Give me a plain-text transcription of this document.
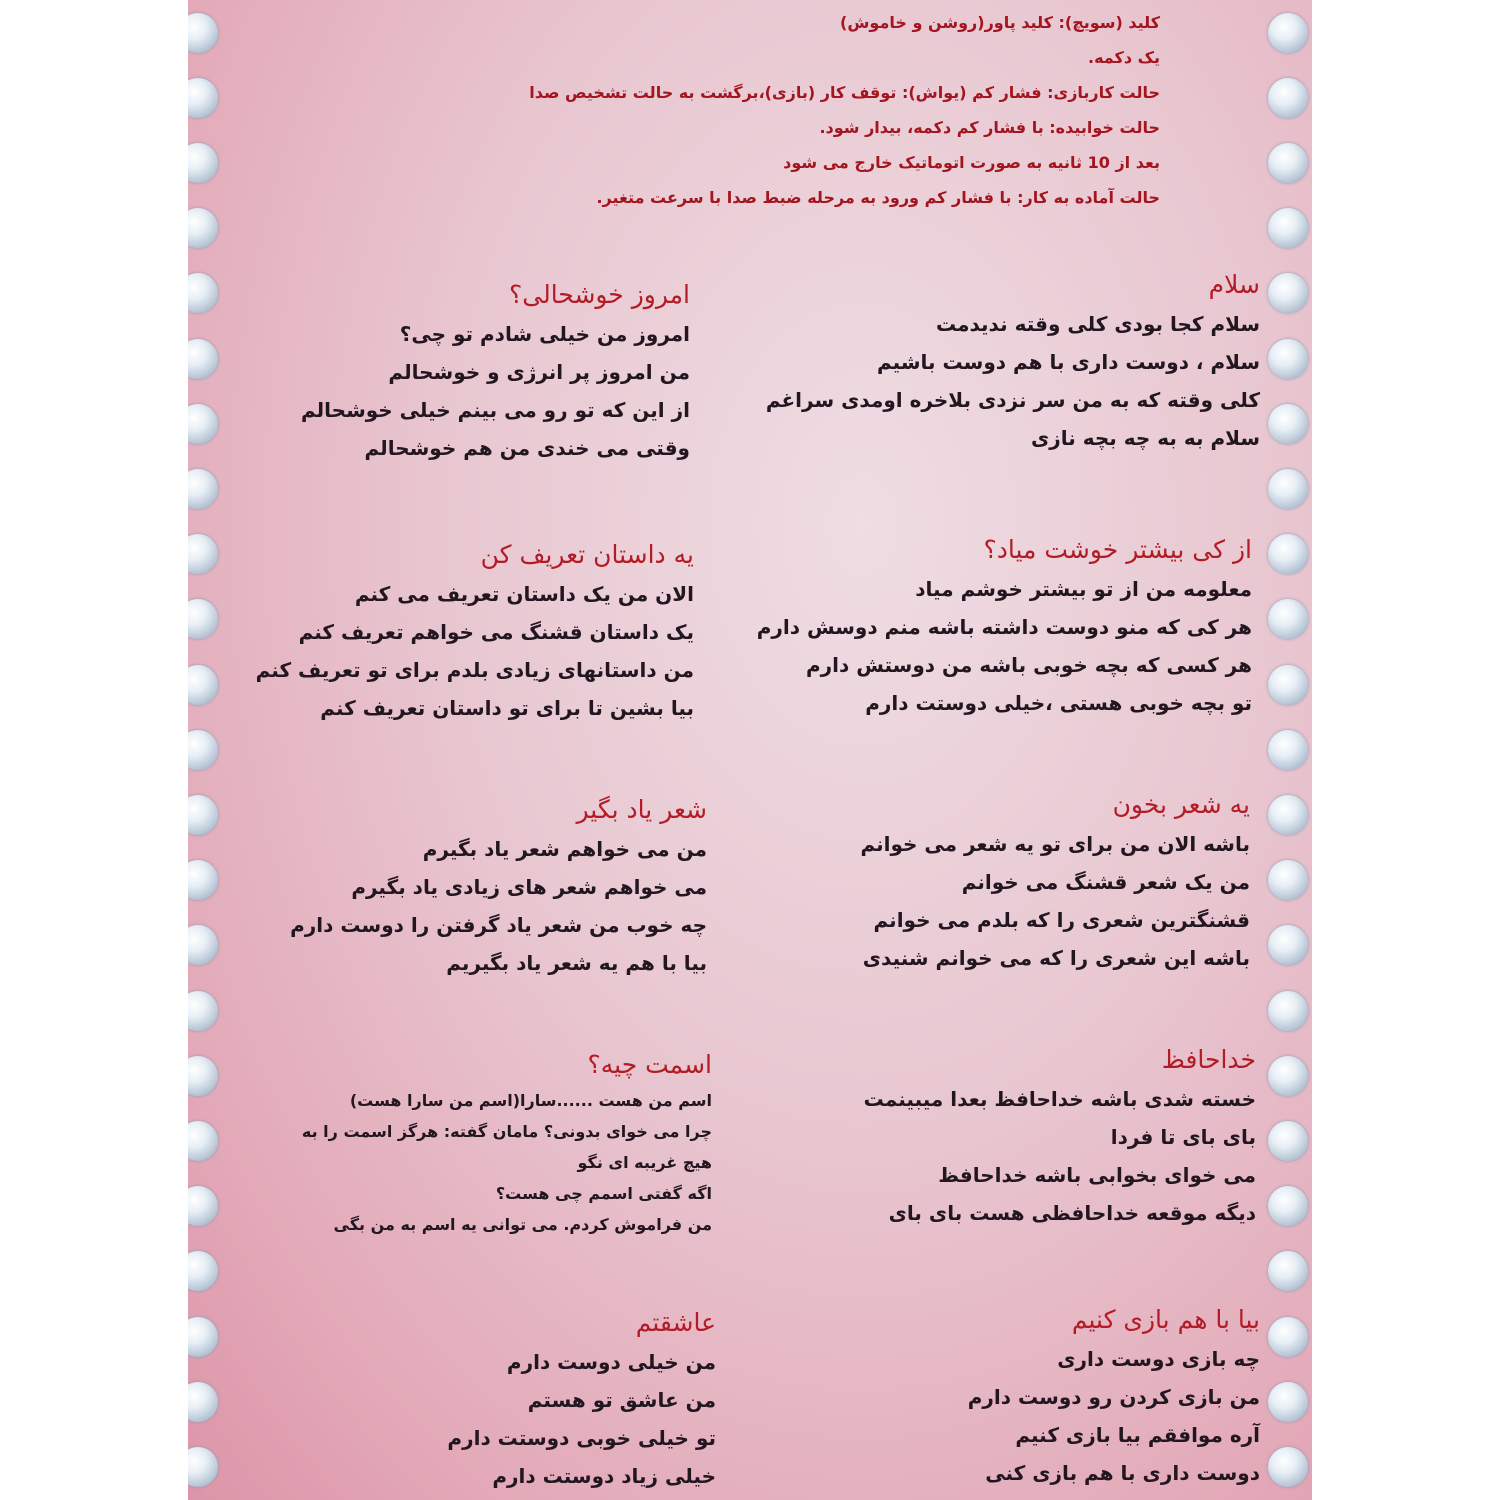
کلید (سویچ): کلید پاور(روشن و خاموش)
یک دکمه.
حالت کاربازی: فشار کم (یواش): توقف کار (بازی)،برگشت به حالت تشخیص صدا
حالت خوابیده: با فشار کم دکمه، بیدار شود.
بعد از 10 ثانیه به صورت اتوماتیک خارج می شود
حالت آماده به کار: با فشار کم ورود به مرحله ضبط صدا با سرعت متغیر.
سلام
سلام کجا بودی کلی وقته ندیدمت
سلام ، دوست داری با هم دوست باشیم
کلی وقته که به من سر نزدی بلاخره اومدی سراغم
سلام به به چه بچه نازی
امروز خوشحالی؟
امروز من خیلی شادم تو چی؟
من امروز پر انرژی و خوشحالم
از این که تو رو می بینم خیلی خوشحالم
وقتی می خندی من هم خوشحالم
از کی بیشتر خوشت میاد؟
معلومه من از تو بیشتر خوشم میاد
هر کی که منو دوست داشته باشه منم دوسش دارم
هر کسی که بچه خوبی باشه من دوستش دارم
تو بچه خوبی هستی ،خیلی دوستت دارم
یه داستان تعریف کن
الان من یک داستان تعریف می کنم
یک داستان قشنگ می خواهم تعریف کنم
من داستانهای زیادی بلدم برای تو تعریف کنم
بیا بشین تا برای تو داستان تعریف کنم
یه شعر بخون
باشه الان من برای تو یه شعر می خوانم
من یک شعر قشنگ می خوانم
قشنگترین شعری را که بلدم می خوانم
باشه این شعری را که می خوانم شنیدی
شعر یاد بگیر
من می خواهم شعر یاد بگیرم
می خواهم شعر های زیادی یاد بگیرم
چه خوب من شعر یاد گرفتن را دوست دارم
بیا با هم یه شعر یاد بگیریم
خداحافظ
خسته شدی باشه خداحافظ بعدا میبینمت
بای بای تا فردا
می خوای بخوابی باشه خداحافظ
دیگه موقعه خداحافظی هست بای بای
اسمت چیه؟
اسم من هست ......سارا(اسم من سارا هست)
چرا می خوای بدونی؟ مامان گفته: هرگز اسمت را به
هیچ غریبه ای نگو
اگه گفتی اسمم چی هست؟
من فراموش کردم. می توانی یه اسم به من بگی
بیا با هم بازی کنیم
چه بازی دوست داری
من بازی کردن رو دوست دارم
آره موافقم بیا بازی کنیم
دوست داری با هم بازی کنی
عاشقتم
من خیلی دوست دارم
من عاشق تو هستم
تو خیلی خوبی دوستت دارم
خیلی زیاد دوستت دارم
